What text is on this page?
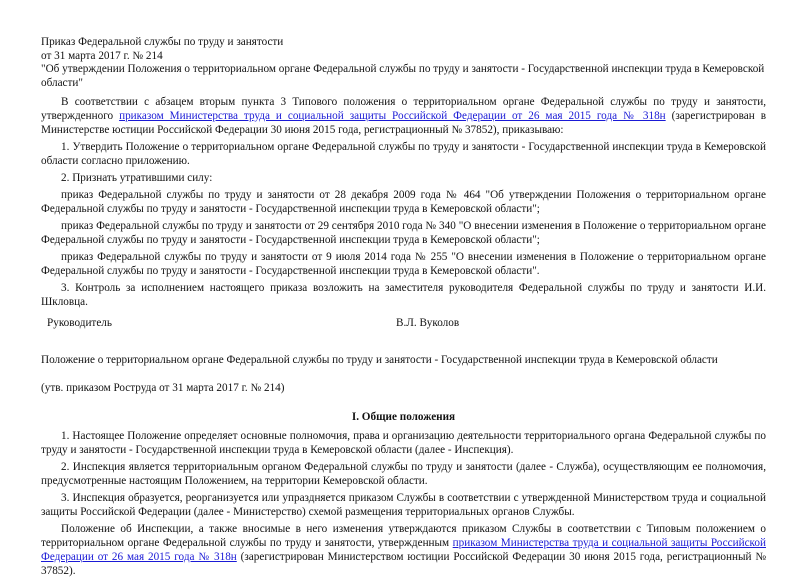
Приказ Федеральной службы по труду и занятости
от 31 марта 2017 г. № 214
"Об утверждении Положения о территориальном органе Федеральной службы по труду и занятости - Государственной инспекции труда в Кемеровской области"
В соответствии с абзацем вторым пункта 3 Типового положения о территориальном органе Федеральной службы по труду и занятости, утвержденного приказом Министерства труда и социальной защиты Российской Федерации от 26 мая 2015 года № 318н (зарегистрирован в Министерстве юстиции Российской Федерации 30 июня 2015 года, регистрационный № 37852), приказываю:
1. Утвердить Положение о территориальном органе Федеральной службы по труду и занятости - Государственной инспекции труда в Кемеровской области согласно приложению.
2. Признать утратившими силу:
приказ Федеральной службы по труду и занятости от 28 декабря 2009 года № 464 "Об утверждении Положения о территориальном органе Федеральной службы по труду и занятости - Государственной инспекции труда в Кемеровской области";
приказ Федеральной службы по труду и занятости от 29 сентября 2010 года № 340 "О внесении изменения в Положение о территориальном органе Федеральной службы по труду и занятости - Государственной инспекции труда в Кемеровской области";
приказ Федеральной службы по труду и занятости от 9 июля 2014 года № 255 "О внесении изменения в Положение о территориальном органе Федеральной службы по труду и занятости - Государственной инспекции труда в Кемеровской области".
3. Контроль за исполнением настоящего приказа возложить на заместителя руководителя Федеральной службы по труду и занятости И.И. Шкловца.
Руководитель	В.Л. Вуколов
Положение о территориальном органе Федеральной службы по труду и занятости - Государственной инспекции труда в Кемеровской области
(утв. приказом Роструда от 31 марта 2017 г. № 214)
I. Общие положения
1. Настоящее Положение определяет основные полномочия, права и организацию деятельности территориального органа Федеральной службы по труду и занятости - Государственной инспекции труда в Кемеровской области (далее - Инспекция).
2. Инспекция является территориальным органом Федеральной службы по труду и занятости (далее - Служба), осуществляющим ее полномочия, предусмотренные настоящим Положением, на территории Кемеровской области.
3. Инспекция образуется, реорганизуется или упраздняется приказом Службы в соответствии с утвержденной Министерством труда и социальной защиты Российской Федерации (далее - Министерство) схемой размещения территориальных органов Службы.
Положение об Инспекции, а также вносимые в него изменения утверждаются приказом Службы в соответствии с Типовым положением о территориальном органе Федеральной службы по труду и занятости, утвержденным приказом Министерства труда и социальной защиты Российской Федерации от 26 мая 2015 года № 318н (зарегистрирован Министерством юстиции Российской Федерации 30 июня 2015 года, регистрационный № 37852).
